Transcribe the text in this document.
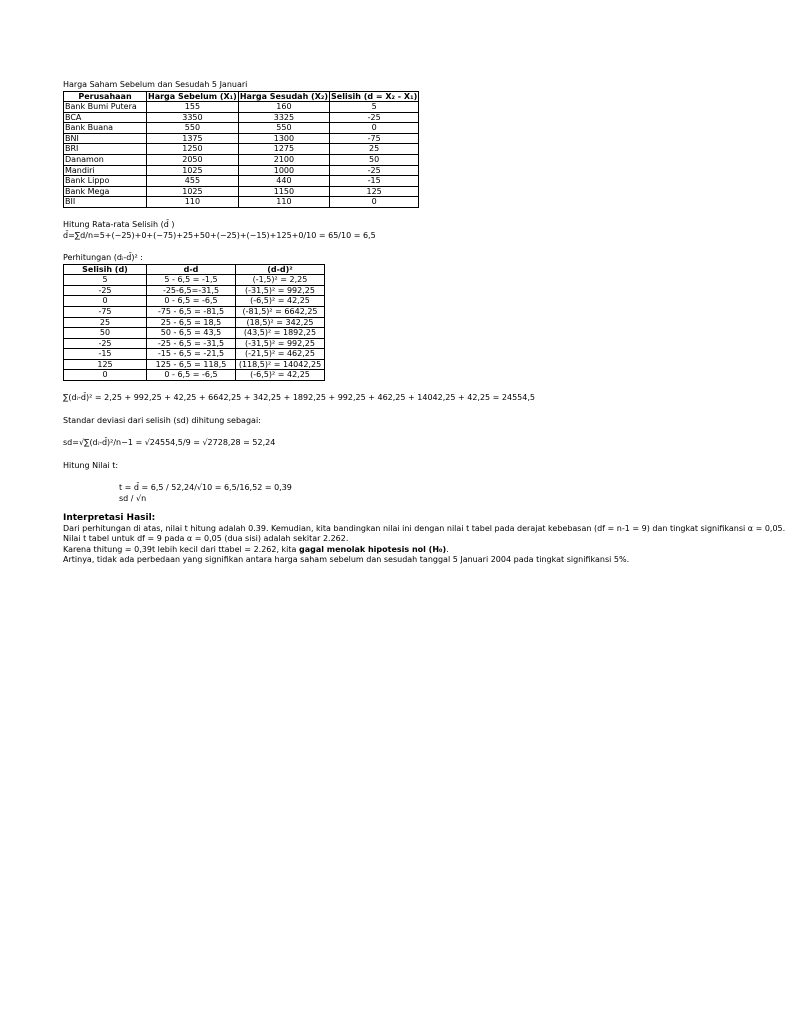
Harga Saham Sebelum dan Sesudah 5 Januari

Perusahaan	Harga Sebelum (X₁)	Harga Sesudah (X₂)	Selisih (d = X₂ - X₁)
Bank Bumi Putera	155	160	5
BCA	3350	3325	-25
Bank Buana	550	550	0
BNI	1375	1300	-75
BRI	1250	1275	25
Danamon	2050	2100	50
Mandiri	1025	1000	-25
Bank Lippo	455	440	-15
Bank Mega	1025	1150	125
BII	110	110	0

Hitung Rata-rata Selisih (d̄ )

d̄=∑d/n=5+(−25)+0+(−75)+25+50+(−25)+(−15)+125+0/10 = 65/10 = 6,5

Perhitungan (dᵢ-d̄)² :

Selisih (d)	d-d̄	(d-d̄)²
5	5 - 6,5 = -1,5	(-1,5)² = 2,25
-25	-25-6,5=-31,5	(-31,5)² = 992,25
0	0 - 6,5 = -6,5	(-6,5)² = 42,25
-75	-75 - 6,5 = -81,5	(-81,5)² = 6642,25
25	25 - 6,5 = 18,5	(18,5)² = 342,25
50	50 - 6,5 = 43,5	(43,5)² = 1892,25
-25	-25 - 6,5 = -31,5	(-31,5)² = 992,25
-15	-15 - 6,5 = -21,5	(-21,5)² = 462,25
125	125 - 6,5 = 118,5	(118,5)² = 14042,25
0	0 - 6,5 = -6,5	(-6,5)² = 42,25

∑(dᵢ-d̄)² = 2,25 + 992,25 + 42,25 + 6642,25 + 342,25 + 1892,25 + 992,25 + 462,25 + 14042,25 + 42,25 = 24554,5

Standar deviasi dari selisih (sd) dihitung sebagai:

sd=√∑(dᵢ-d̄)²/n−1 = √24554,5/9 = √2728,28 = 52,24

Hitung Nilai t:

t = d̄ = 6,5 / 52,24/√10 = 6,5/16,52 = 0,39
sd / √n

Interpretasi Hasil:

Dari perhitungan di atas, nilai t hitung adalah 0.39. Kemudian, kita bandingkan nilai ini dengan nilai t tabel pada derajat kebebasan (df = n-1 = 9) dan tingkat signifikansi α = 0,05.

Nilai t tabel untuk df = 9 pada α = 0,05 (dua sisi) adalah sekitar 2.262.

Karena thitung = 0,39t lebih kecil dari ttabel = 2.262, kita gagal menolak hipotesis nol (H₀).

Artinya, tidak ada perbedaan yang signifikan antara harga saham sebelum dan sesudah tanggal 5 Januari 2004 pada tingkat signifikansi 5%.
